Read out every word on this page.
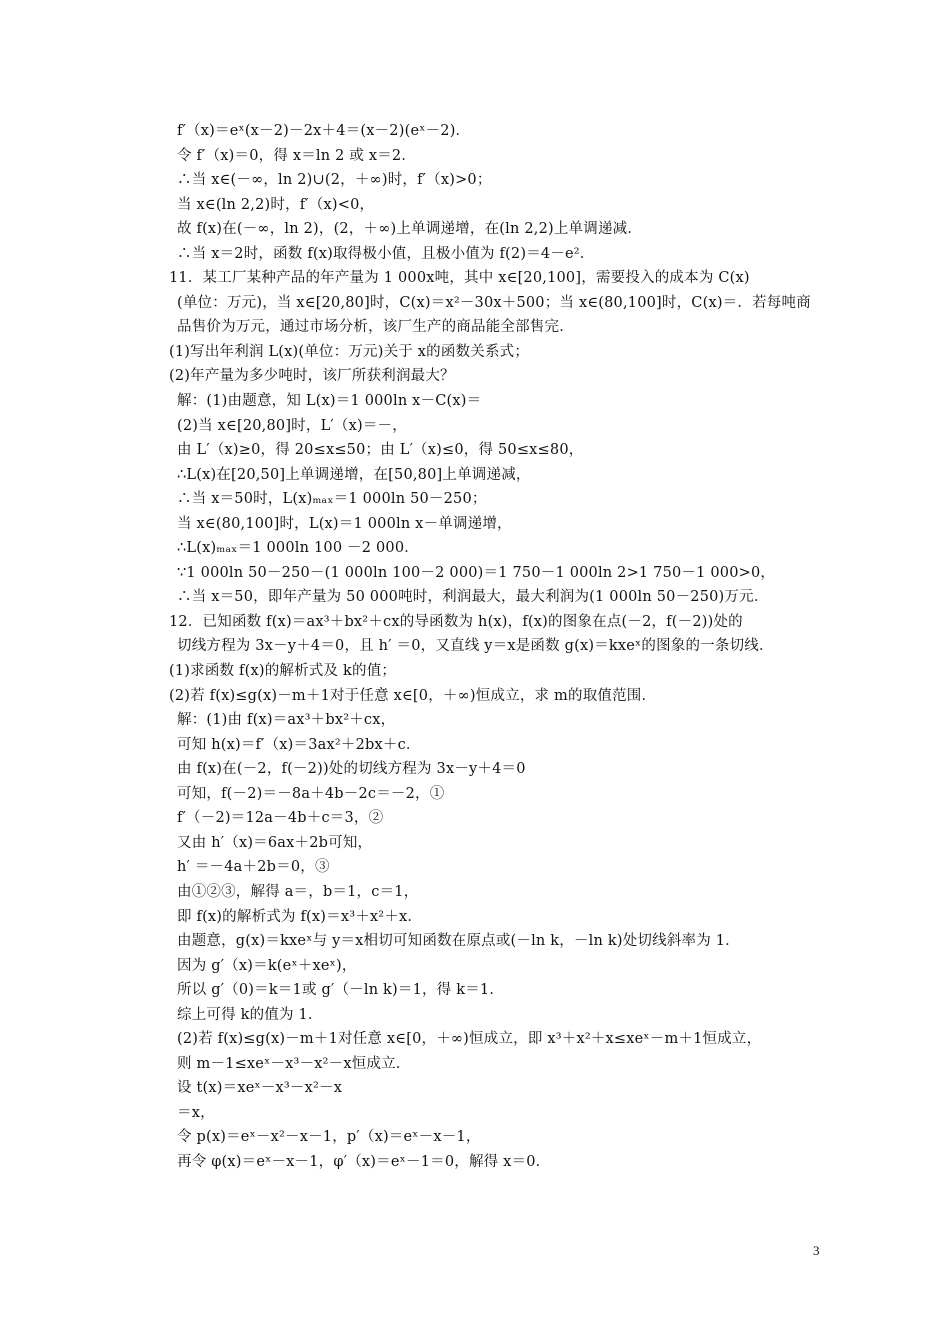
f′（x)＝eˣ(x－2)－2x＋4＝(x－2)(eˣ－2)．
令 f′（x)＝0，得 x＝ln 2 或 x＝2．
∴当 x∈(－∞，ln 2)∪(2，＋∞)时，f′（x)>0；
当 x∈(ln 2,2)时，f′（x)<0，
故 f(x)在(－∞，ln 2)，(2，＋∞)上单调递增，在(ln 2,2)上单调递减．
∴当 x＝2时，函数 f(x)取得极小值，且极小值为 f(2)＝4－e²．
11．某工厂某种产品的年产量为 1 000x吨，其中 x∈[20,100]，需要投入的成本为 C(x)
(单位：万元)，当 x∈[20,80]时，C(x)＝x²－30x＋500；当 x∈(80,100]时，C(x)＝．若每吨商
品售价为万元，通过市场分析，该厂生产的商品能全部售完．
(1)写出年利润 L(x)(单位：万元)关于 x的函数关系式；
(2)年产量为多少吨时，该厂所获利润最大？
解：(1)由题意，知 L(x)＝1 000ln x－C(x)＝
(2)当 x∈[20,80]时，L′（x)＝－，
由 L′（x)≥0，得 20≤x≤50；由 L′（x)≤0，得 50≤x≤80，
∴L(x)在[20,50]上单调递增，在[50,80]上单调递减，
∴当 x＝50时，L(x)ₘₐₓ＝1 000ln 50－250；
当 x∈(80,100]时，L(x)＝1 000ln x－单调递增，
∴L(x)ₘₐₓ＝1 000ln 100 －2 000．
∵1 000ln 50－250－(1 000ln 100－2 000)＝1 750－1 000ln 2>1 750－1 000>0，
∴当 x＝50，即年产量为 50 000吨时，利润最大，最大利润为(1 000ln 50－250)万元．
12．已知函数 f(x)＝ax³＋bx²＋cx的导函数为 h(x)，f(x)的图象在点(－2，f(－2))处的
切线方程为 3x－y＋4＝0，且 h′ ＝0，又直线 y＝x是函数 g(x)＝kxeˣ的图象的一条切线．
(1)求函数 f(x)的解析式及 k的值；
(2)若 f(x)≤g(x)－m＋1对于任意 x∈[0，＋∞)恒成立，求 m的取值范围．
解：(1)由 f(x)＝ax³＋bx²＋cx，
可知 h(x)＝f′（x)＝3ax²＋2bx＋c．
由 f(x)在(－2，f(－2))处的切线方程为 3x－y＋4＝0
可知，f(－2)＝－8a＋4b－2c＝－2，①
f′（－2)＝12a－4b＋c＝3，②
又由 h′（x)＝6ax＋2b可知，
h′ ＝－4a＋2b＝0，③
由①②③，解得 a＝，b＝1，c＝1，
即 f(x)的解析式为 f(x)＝x³＋x²＋x．
由题意，g(x)＝kxeˣ与 y＝x相切可知函数在原点或(－ln k，－ln k)处切线斜率为 1．
因为 g′（x)＝k(eˣ＋xeˣ)，
所以 g′（0)＝k＝1或 g′（－ln k)＝1，得 k＝1．
综上可得 k的值为 1．
(2)若 f(x)≤g(x)－m＋1对任意 x∈[0，＋∞)恒成立，即 x³＋x²＋x≤xeˣ－m＋1恒成立，
则 m－1≤xeˣ－x³－x²－x恒成立．
设 t(x)＝xeˣ－x³－x²－x
＝x，
令 p(x)＝eˣ－x²－x－1，p′（x)＝eˣ－x－1，
再令 φ(x)＝eˣ－x－1，φ′（x)＝eˣ－1＝0，解得 x＝0．
3
